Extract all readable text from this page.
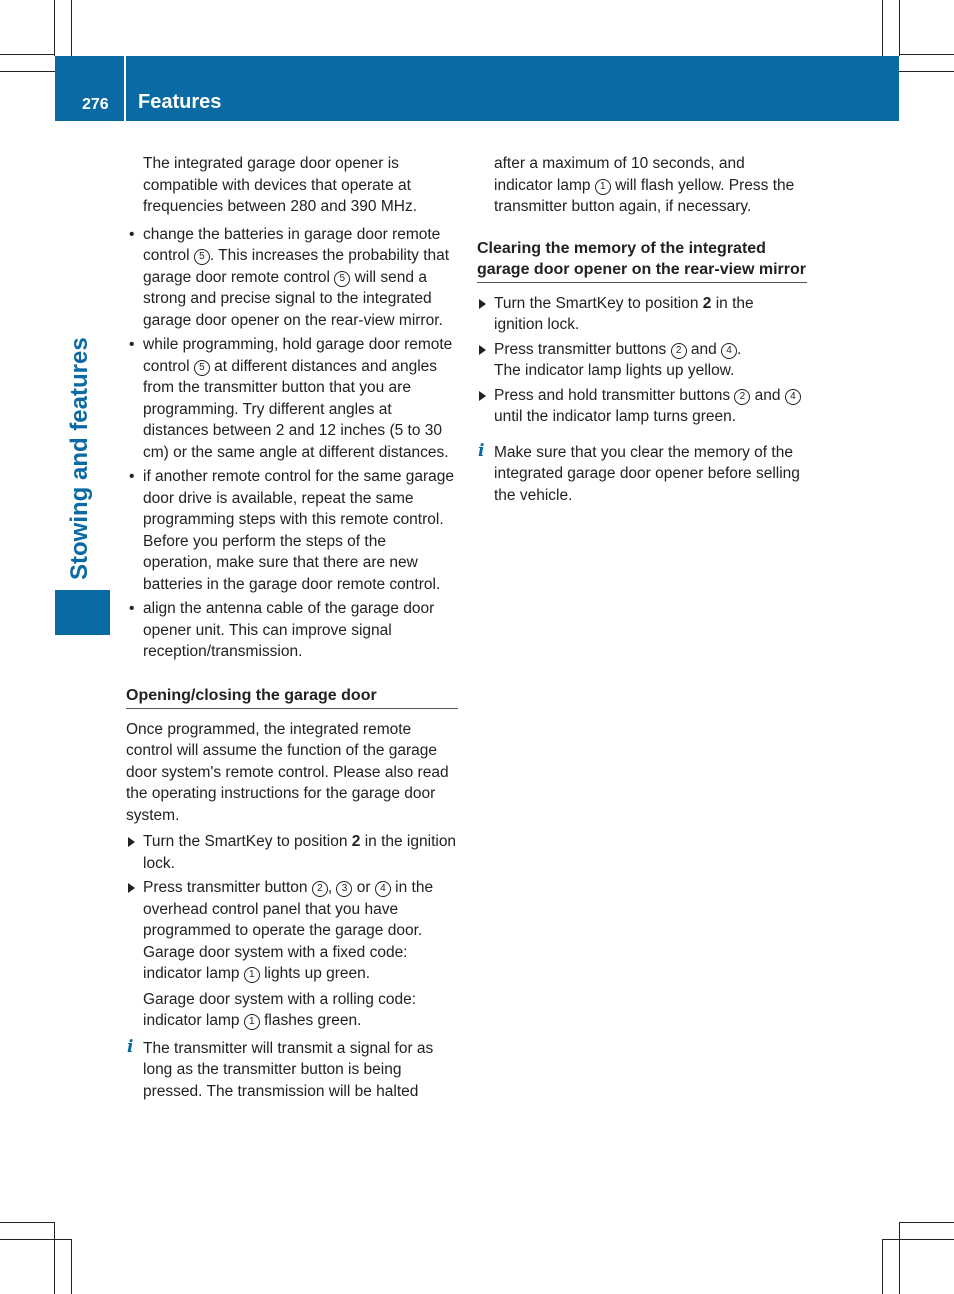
276 Features
Stowing and features

The integrated garage door opener is compatible with devices that operate at frequencies between 280 and 390 MHz.

• change the batteries in garage door remote control 5 . This increases the probability that garage door remote control 5 will send a strong and precise signal to the integrated garage door opener on the rear-view mirror.

• while programming, hold garage door remote control 5 at different distances and angles from the transmitter button that you are programming. Try different angles at distances between 2 and 12 inches (5 to 30 cm) or the same angle at different distances.

• if another remote control for the same garage door drive is available, repeat the same programming steps with this remote control. Before you perform the steps of the operation, make sure that there are new batteries in the garage door remote control.

• align the antenna cable of the garage door opener unit. This can improve signal reception/transmission.

Opening/closing the garage door

Once programmed, the integrated remote control will assume the function of the garage door system's remote control. Please also read the operating instructions for the garage door system.

Turn the SmartKey to position 2 in the ignition lock.

Press transmitter button 2 , 3 or 4 in the overhead control panel that you have programmed to operate the garage door. Garage door system with a fixed code: indicator lamp 1 lights up green.

Garage door system with a rolling code: indicator lamp 1 flashes green.

i The transmitter will transmit a signal for as long as the transmitter button is being pressed. The transmission will be halted

after a maximum of 10 seconds, and indicator lamp 1 will flash yellow. Press the transmitter button again, if necessary.

Clearing the memory of the integrated garage door opener on the rear-view mirror

Turn the SmartKey to position 2 in the ignition lock.

Press transmitter buttons 2 and 4 .
The indicator lamp lights up yellow.

Press and hold transmitter buttons 2 and 4 until the indicator lamp turns green.

i Make sure that you clear the memory of the integrated garage door opener before selling the vehicle.
